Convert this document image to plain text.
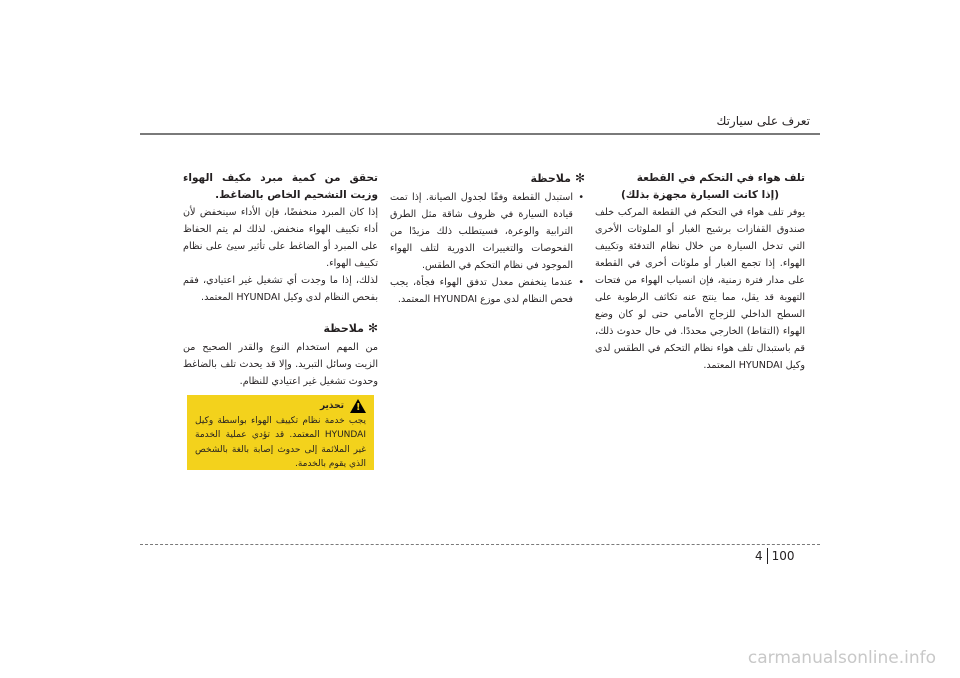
تعرف على سيارتك

تلف هواء في التحكم في القطعة

(إذا كانت السيارة مجهزة بذلك)

يوفر تلف هواء في التحكم في القطعة المركب خلف صندوق القفازات برشيح الغبار أو الملوثات الأخرى التي تدخل السيارة من خلال نظام التدفئة وتكييف الهواء. إذا تجمع الغبار أو ملوثات أخرى في القطعة على مدار فترة زمنية، فإن انسياب الهواء من فتحات التهوية قد يقل، مما ينتج عنه تكاثف الرطوبة على السطح الداخلي للزجاج الأمامي حتى لو كان وضع الهواء (التقاط) الخارجي محددًا. في حال حدوث ذلك، قم باستبدال تلف هواء نظام التحكم في الطقس لدى وكيل HYUNDAI المعتمد.

✻
ملاحظة
• استبدل القطعة وفقًا لجدول الصيانة. إذا تمت قيادة السيارة في ظروف شاقة مثل الطرق الترابية والوعرة، فسيتطلب ذلك مزيدًا من الفحوصات والتغييرات الدورية لتلف الهواء الموجود في نظام التحكم في الطقس.
• عندما ينخفض معدل تدفق الهواء فجأة، يجب فحص النظام لدى موزع HYUNDAI المعتمد.

تحقق من كمية مبرد مكيف الهواء وزيت التشحيم الخاص بالضاغط.

إذا كان المبرد منخفضًا، فإن الأداء سينخفض لأن أداء تكييف الهواء منخفض. لذلك لم يتم الحفاظ على المبرد أو الضاغط على تأثير سيئ على نظام تكييف الهواء.

لذلك، إذا ما وجدت أي تشغيل غير اعتيادي، فقم بفحص النظام لدى وكيل HYUNDAI المعتمد.

✻
ملاحظة

من المهم استخدام النوع والقدر الصحيح من الزيت وسائل التبريد. وإلا قد يحدث تلف بالضاغط وحدوث تشغيل غير اعتيادي للنظام.

!
تحذير
يجب خدمة نظام تكييف الهواء بواسطة وكيل HYUNDAI المعتمد. قد تؤدي عملية الخدمة غير الملائمة إلى حدوث إصابة بالغة بالشخص الذي يقوم بالخدمة.
4 100
carmanualsonline.info
